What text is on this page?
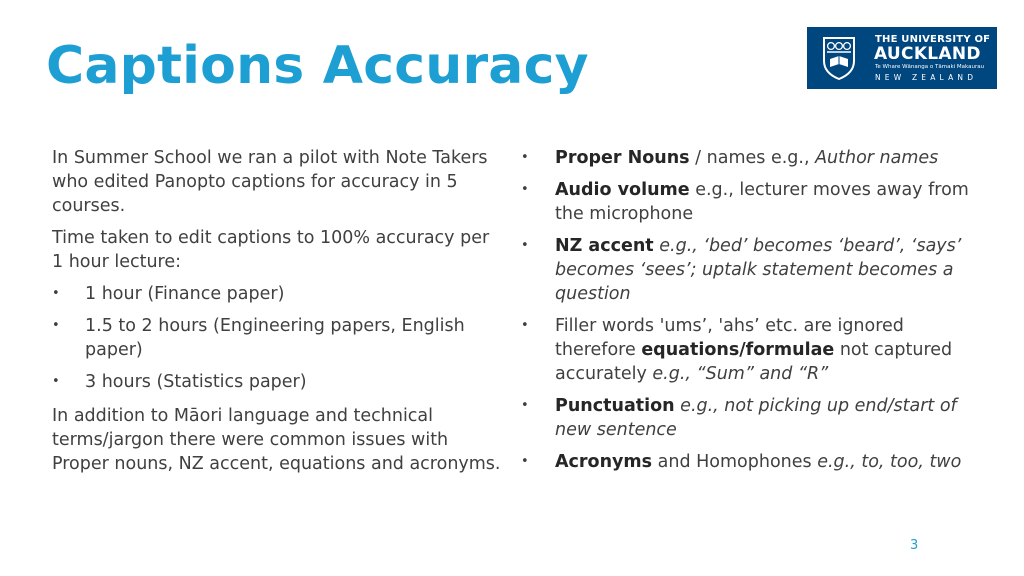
Captions Accuracy	THE UNIVERSITY OF
AUCKLAND
Te Whare Wānanga o Tāmaki Makaurau
NEW ZEALAND

In Summer School we ran a pilot with Note Takers who edited Panopto captions for accuracy in 5 courses.

Time taken to edit captions to 100% accuracy per 1 hour lecture:

•	1 hour (Finance paper)
•	1.5 to 2 hours (Engineering papers, English paper)
•	3 hours (Statistics paper)

In addition to Māori language and technical terms/jargon there were common issues with Proper nouns, NZ accent, equations and acronyms.

• Proper Nouns / names e.g., Author names
• Audio volume e.g., lecturer moves away from the microphone
• NZ accent e.g., ‘bed’ becomes ‘beard’, ‘says’ becomes ‘sees’; uptalk statement becomes a question
• Filler words 'ums’, 'ahs’ etc. are ignored therefore equations/formulae not captured accurately e.g., “Sum” and “R”
• Punctuation e.g., not picking up end/start of new sentence
• Acronyms and Homophones e.g., to, too, two
3
